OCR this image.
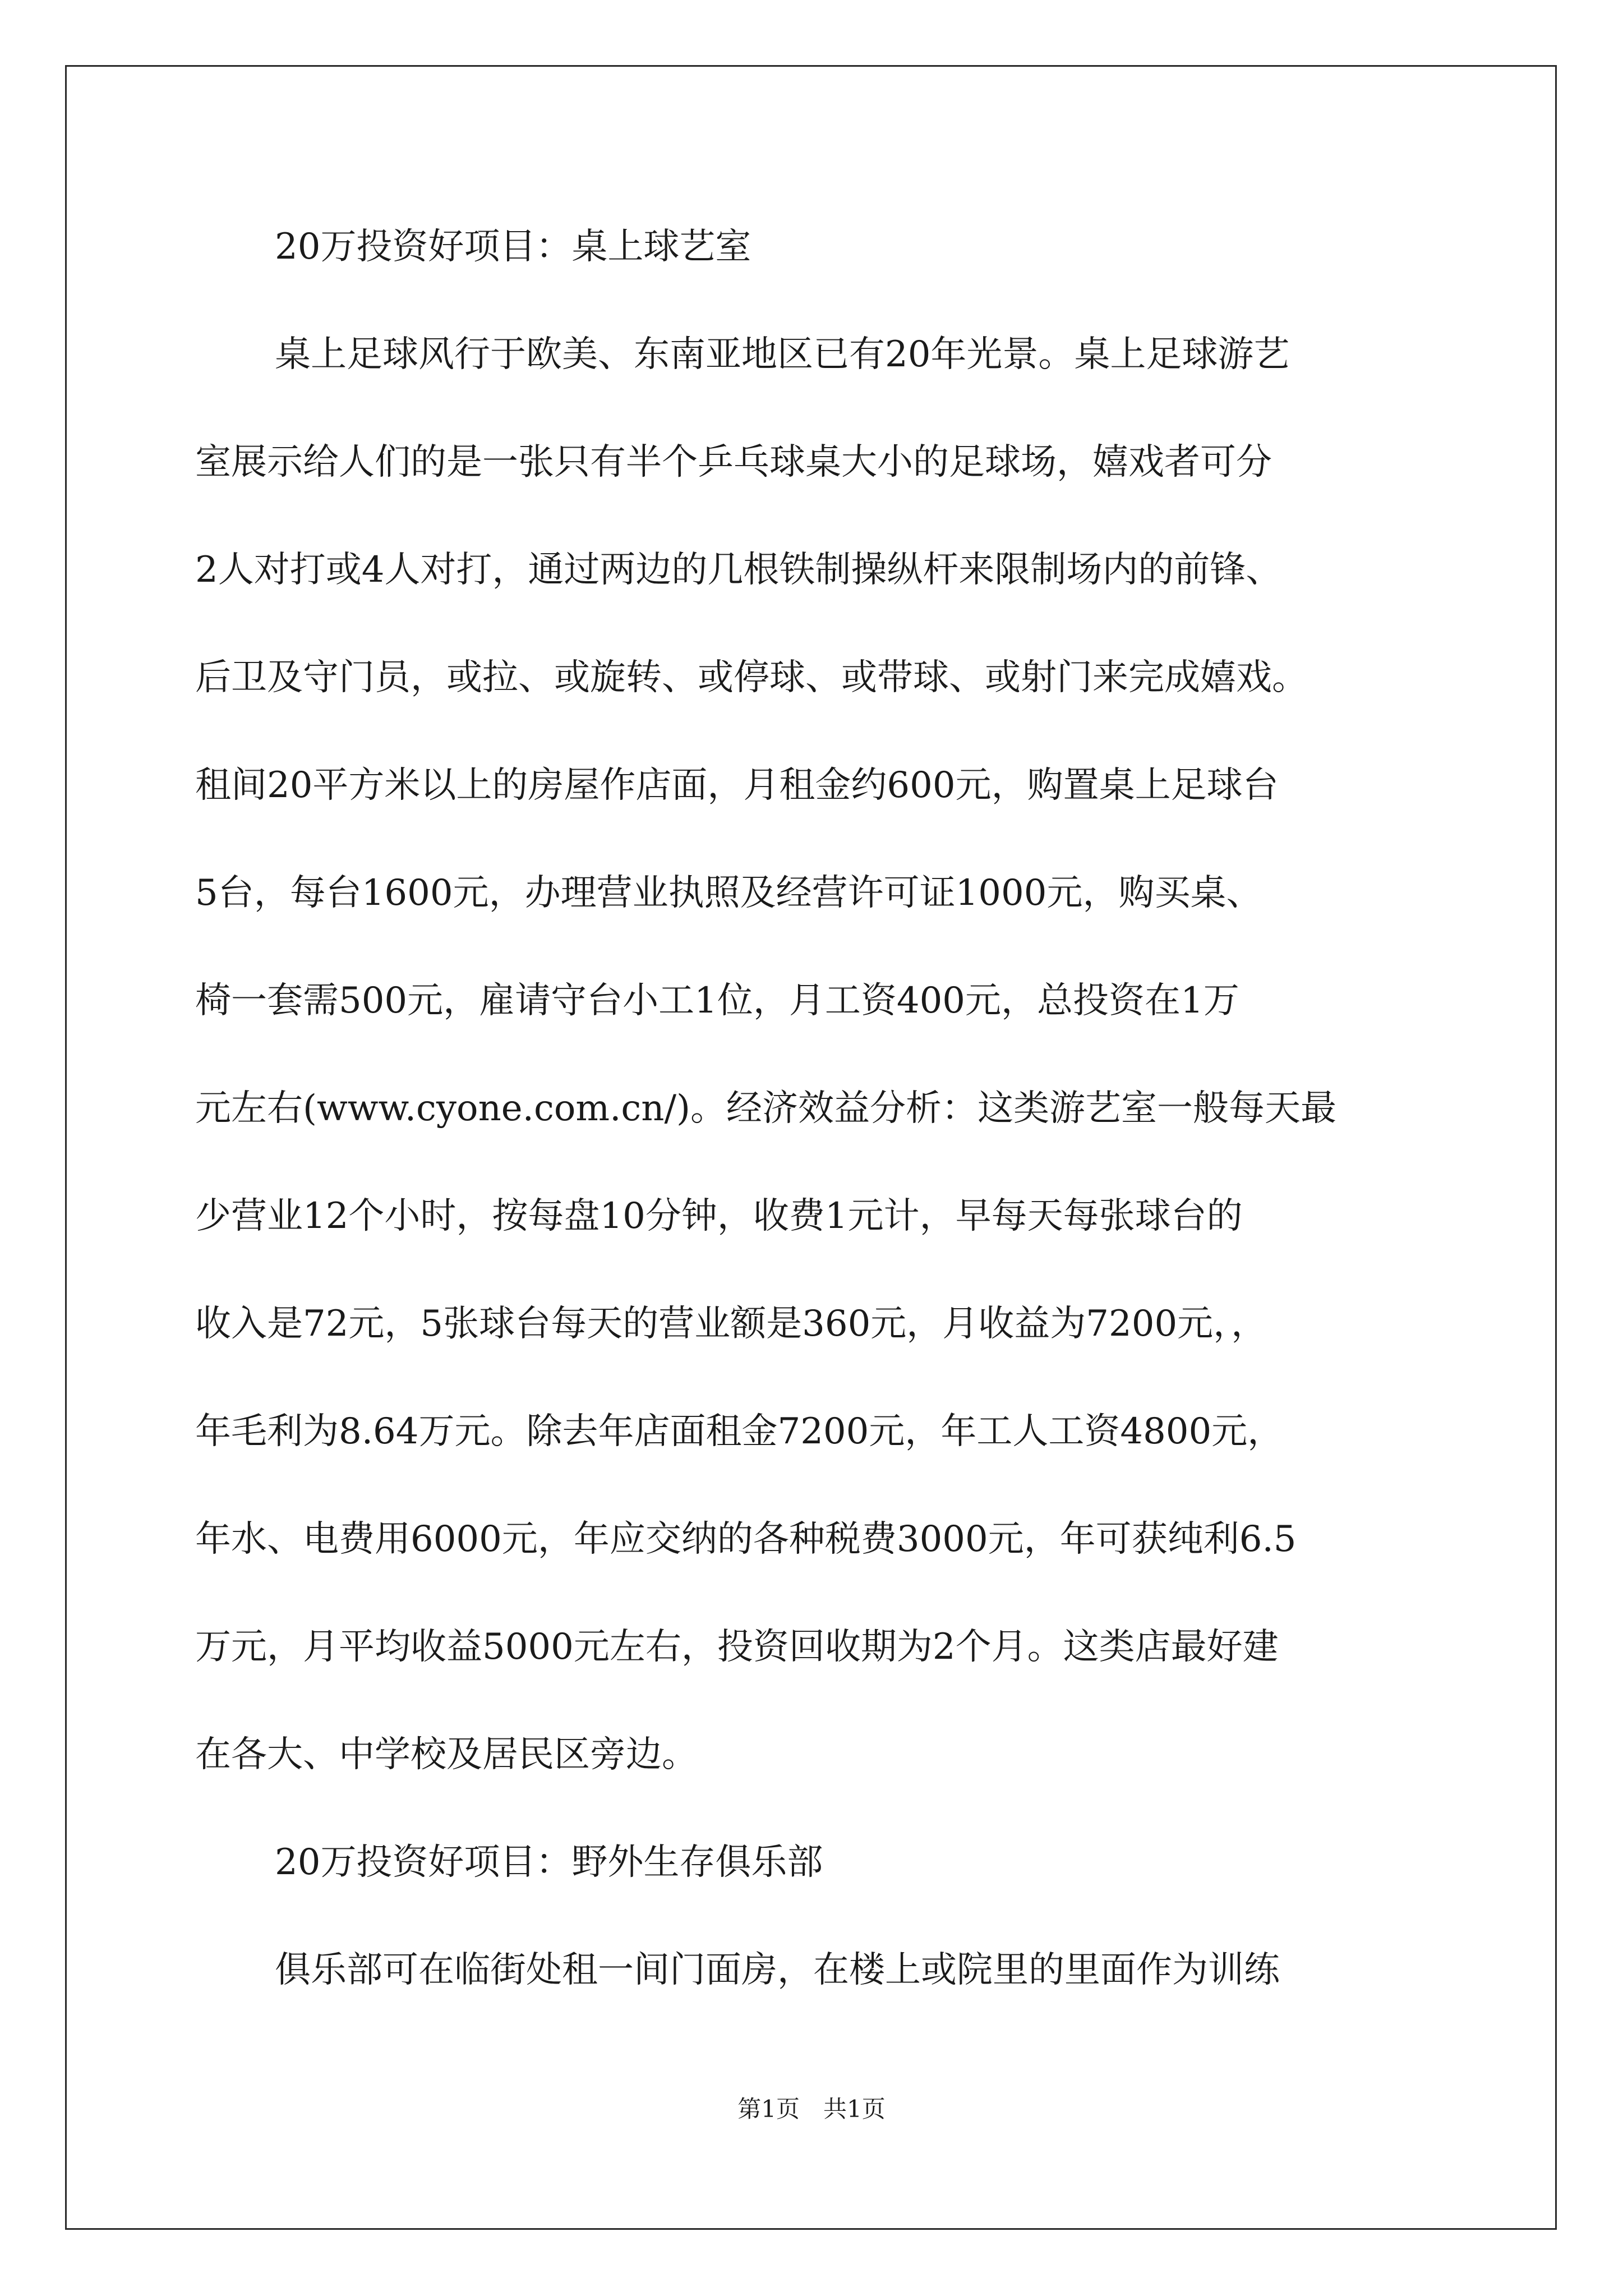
20万投资好项目：桌上球艺室
桌上足球风行于欧美、东南亚地区已有20年光景。桌上足球游艺
室展示给人们的是一张只有半个乒乓球桌大小的足球场，嬉戏者可分
2人对打或4人对打，通过两边的几根铁制操纵杆来限制场内的前锋、
后卫及守门员，或拉、或旋转、或停球、或带球、或射门来完成嬉戏。
租间20平方米以上的房屋作店面，月租金约600元，购置桌上足球台
5台，每台1600元，办理营业执照及经营许可证1000元，购买桌、
椅一套需500元，雇请守台小工1位，月工资400元，总投资在1万
元左右(www.cyone.com.cn/)。经济效益分析：这类游艺室一般每天最
少营业12个小时，按每盘10分钟，收费1元计，早每天每张球台的
收入是72元，5张球台每天的营业额是360元，月收益为7200元，，
年毛利为8.64万元。除去年店面租金7200元，年工人工资4800元，
年水、电费用6000元，年应交纳的各种税费3000元，年可获纯利6.5
万元，月平均收益5000元左右，投资回收期为2个月。这类店最好建
在各大、中学校及居民区旁边。
20万投资好项目：野外生存俱乐部
俱乐部可在临街处租一间门面房，在楼上或院里的里面作为训练
第1页　共1页
